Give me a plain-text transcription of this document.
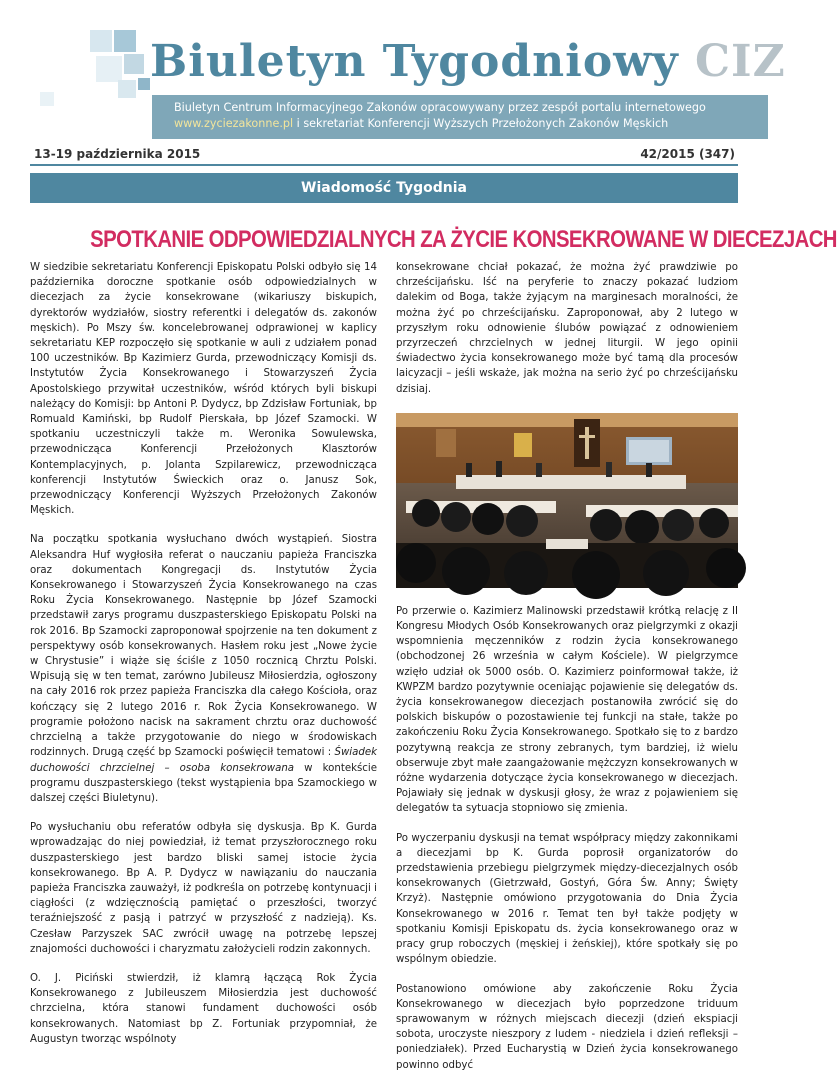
Biuletyn Tygodniowy CIZ
Biuletyn Centrum Informacyjnego Zakonów opracowywany przez zespół portalu internetowego
www.zyciezakonne.pl i sekretariat Konferencji Wyższych Przełożonych Zakonów Męskich
13-19 października 2015	42/2015 (347)
Wiadomość Tygodnia
SPOTKANIE ODPOWIEDZIALNYCH ZA ŻYCIE KONSEKROWANE W DIECEZJACH

W siedzibie sekretariatu Konferencji Episkopatu Polski odbyło się 14 października doroczne spotkanie osób odpowiedzialnych w diecezjach za życie konsekrowane (wikariuszy biskupich, dyrektorów wydziałów, siostry referentki i delegatów ds. zakonów męskich). Po Mszy św. koncelebrowanej odprawionej w kaplicy sekretariatu KEP rozpoczęło się spotkanie w auli z udziałem ponad 100 uczestników. Bp Kazimierz Gurda, przewodniczący Komisji ds. Instytutów Życia Konsekrowanego i Stowarzyszeń Życia Apostolskiego przywitał uczestników, wśród których byli biskupi należący do Komisji: bp Antoni P. Dydycz, bp Zdzisław Fortuniak, bp Romuald Kamiński, bp Rudolf Pierskała, bp Józef Szamocki. W spotkaniu uczestniczyli także m. Weronika Sowulewska, przewodnicząca Konferencji Przełożonych Klasztorów Kontemplacyjnych, p. Jolanta Szpilarewicz, przewodnicząca konferencji Instytutów Świeckich oraz o. Janusz Sok, przewodniczący Konferencji Wyższych Przełożonych Zakonów Męskich.

Na początku spotkania wysłuchano dwóch wystąpień. Siostra Aleksandra Huf wygłosiła referat o nauczaniu papieża Franciszka oraz dokumentach Kongregacji ds. Instytutów Życia Konsekrowanego i Stowarzyszeń Życia Konsekrowanego na czas Roku Życia Konsekrowanego. Następnie bp Józef Szamocki przedstawił zarys programu duszpasterskiego Episkopatu Polski na rok 2016. Bp Szamocki zaproponował spojrzenie na ten dokument z perspektywy osób konsekrowanych. Hasłem roku jest „Nowe życie w Chrystusie” i wiąże się ściśle z 1050 rocznicą Chrztu Polski. Wpisują się w ten temat, zarówno Jubileusz Miłosierdzia, ogłoszony na cały 2016 rok przez papieża Franciszka dla całego Kościoła, oraz kończący się 2 lutego 2016 r. Rok Życia Konsekrowanego. W programie położono nacisk na sakrament chrztu oraz duchowość chrzcielną a także przygotowanie do niego w środowiskach rodzinnych. Drugą część bp Szamocki poświęcił tematowi : Świadek duchowości chrzcielnej – osoba konsekrowana w kontekście programu duszpasterskiego (tekst wystąpienia bpa Szamockiego w dalszej części Biuletynu).

Po wysłuchaniu obu referatów odbyła się dyskusja. Bp K. Gurda wprowadzając do niej powiedział, iż temat przyszłorocznego roku duszpasterskiego jest bardzo bliski samej istocie życia konsekrowanego. Bp A. P. Dydycz w nawiązaniu do nauczania papieża Franciszka zauważył, iż podkreśla on potrzebę kontynuacji i ciągłości (z wdzięcznością pamiętać o przeszłości, tworzyć teraźniejszość z pasją i patrzyć w przyszłość z nadzieją). Ks. Czesław Parzyszek SAC zwrócił uwagę na potrzebę lepszej znajomości duchowości i charyzmatu założycieli rodzin zakonnych.

O. J. Piciński stwierdził, iż klamrą łączącą Rok Życia Konsekrowanego z Jubileuszem Miłosierdzia jest duchowość chrzcielna, która stanowi fundament duchowości osób konsekrowanych. Natomiast bp Z. Fortuniak przypomniał, że Augustyn tworząc wspólnoty

konsekrowane chciał pokazać, że można żyć prawdziwie po chrześcijańsku. Iść na peryferie to znaczy pokazać ludziom dalekim od Boga, także żyjącym na marginesach moralności, że można żyć po chrześcijańsku. Zaproponował, aby 2 lutego w przyszłym roku odnowienie ślubów powiązać z odnowieniem przyrzeczeń chrzcielnych w jednej liturgii. W jego opinii świadectwo życia konsekrowanego może być tamą dla procesów laicyzacji – jeśli wskaże, jak można na serio żyć po chrześcijańsku dzisiaj.

Po przerwie o. Kazimierz Malinowski przedstawił krótką relację z II Kongresu Młodych Osób Konsekrowanych oraz pielgrzymki z okazji wspomnienia męczenników z rodzin życia konsekrowanego (obchodzonej 26 września w całym Kościele). W pielgrzymce wzięło udział ok 5000 osób. O. Kazimierz poinformował także, iż KWPZM bardzo pozytywnie oceniając pojawienie się delegatów ds. życia konsekrowanegow diecezjach postanowiła zwrócić się do polskich biskupów o pozostawienie tej funkcji na stałe, także po zakończeniu Roku Życia Konsekrowanego. Spotkało się to z bardzo pozytywną reakcja ze strony zebranych, tym bardziej, iż wielu obserwuje zbyt małe zaangażowanie mężczyzn konsekrowanych w różne wydarzenia dotyczące życia konsekrowanego w diecezjach. Pojawiały się jednak w dyskusji głosy, że wraz z pojawieniem się delegatów ta sytuacja stopniowo się zmienia.

Po wyczerpaniu dyskusji na temat współpracy między zakonnikami a diecezjami bp K. Gurda poprosił organizatorów do przedstawienia przebiegu pielgrzymek między-diecezjalnych osób konsekrowanych (Gietrzwałd, Gostyń, Góra Św. Anny; Święty Krzyż). Następnie omówiono przygotowania do Dnia Życia Konsekrowanego w 2016 r. Temat ten był także podjęty w spotkaniu Komisji Episkopatu ds. życia konsekrowanego oraz w pracy grup roboczych (męskiej i żeńskiej), które spotkały się po wspólnym obiedzie.

Postanowiono omówione aby zakończenie Roku Życia Konsekrowanego w diecezjach było poprzedzone triduum sprawowanym w różnych miejscach diecezji (dzień ekspiacji sobota, uroczyste nieszpory z ludem - niedziela i dzień refleksji – poniedziałek). Przed Eucharystią w Dzień życia konsekrowanego powinno odbyć
